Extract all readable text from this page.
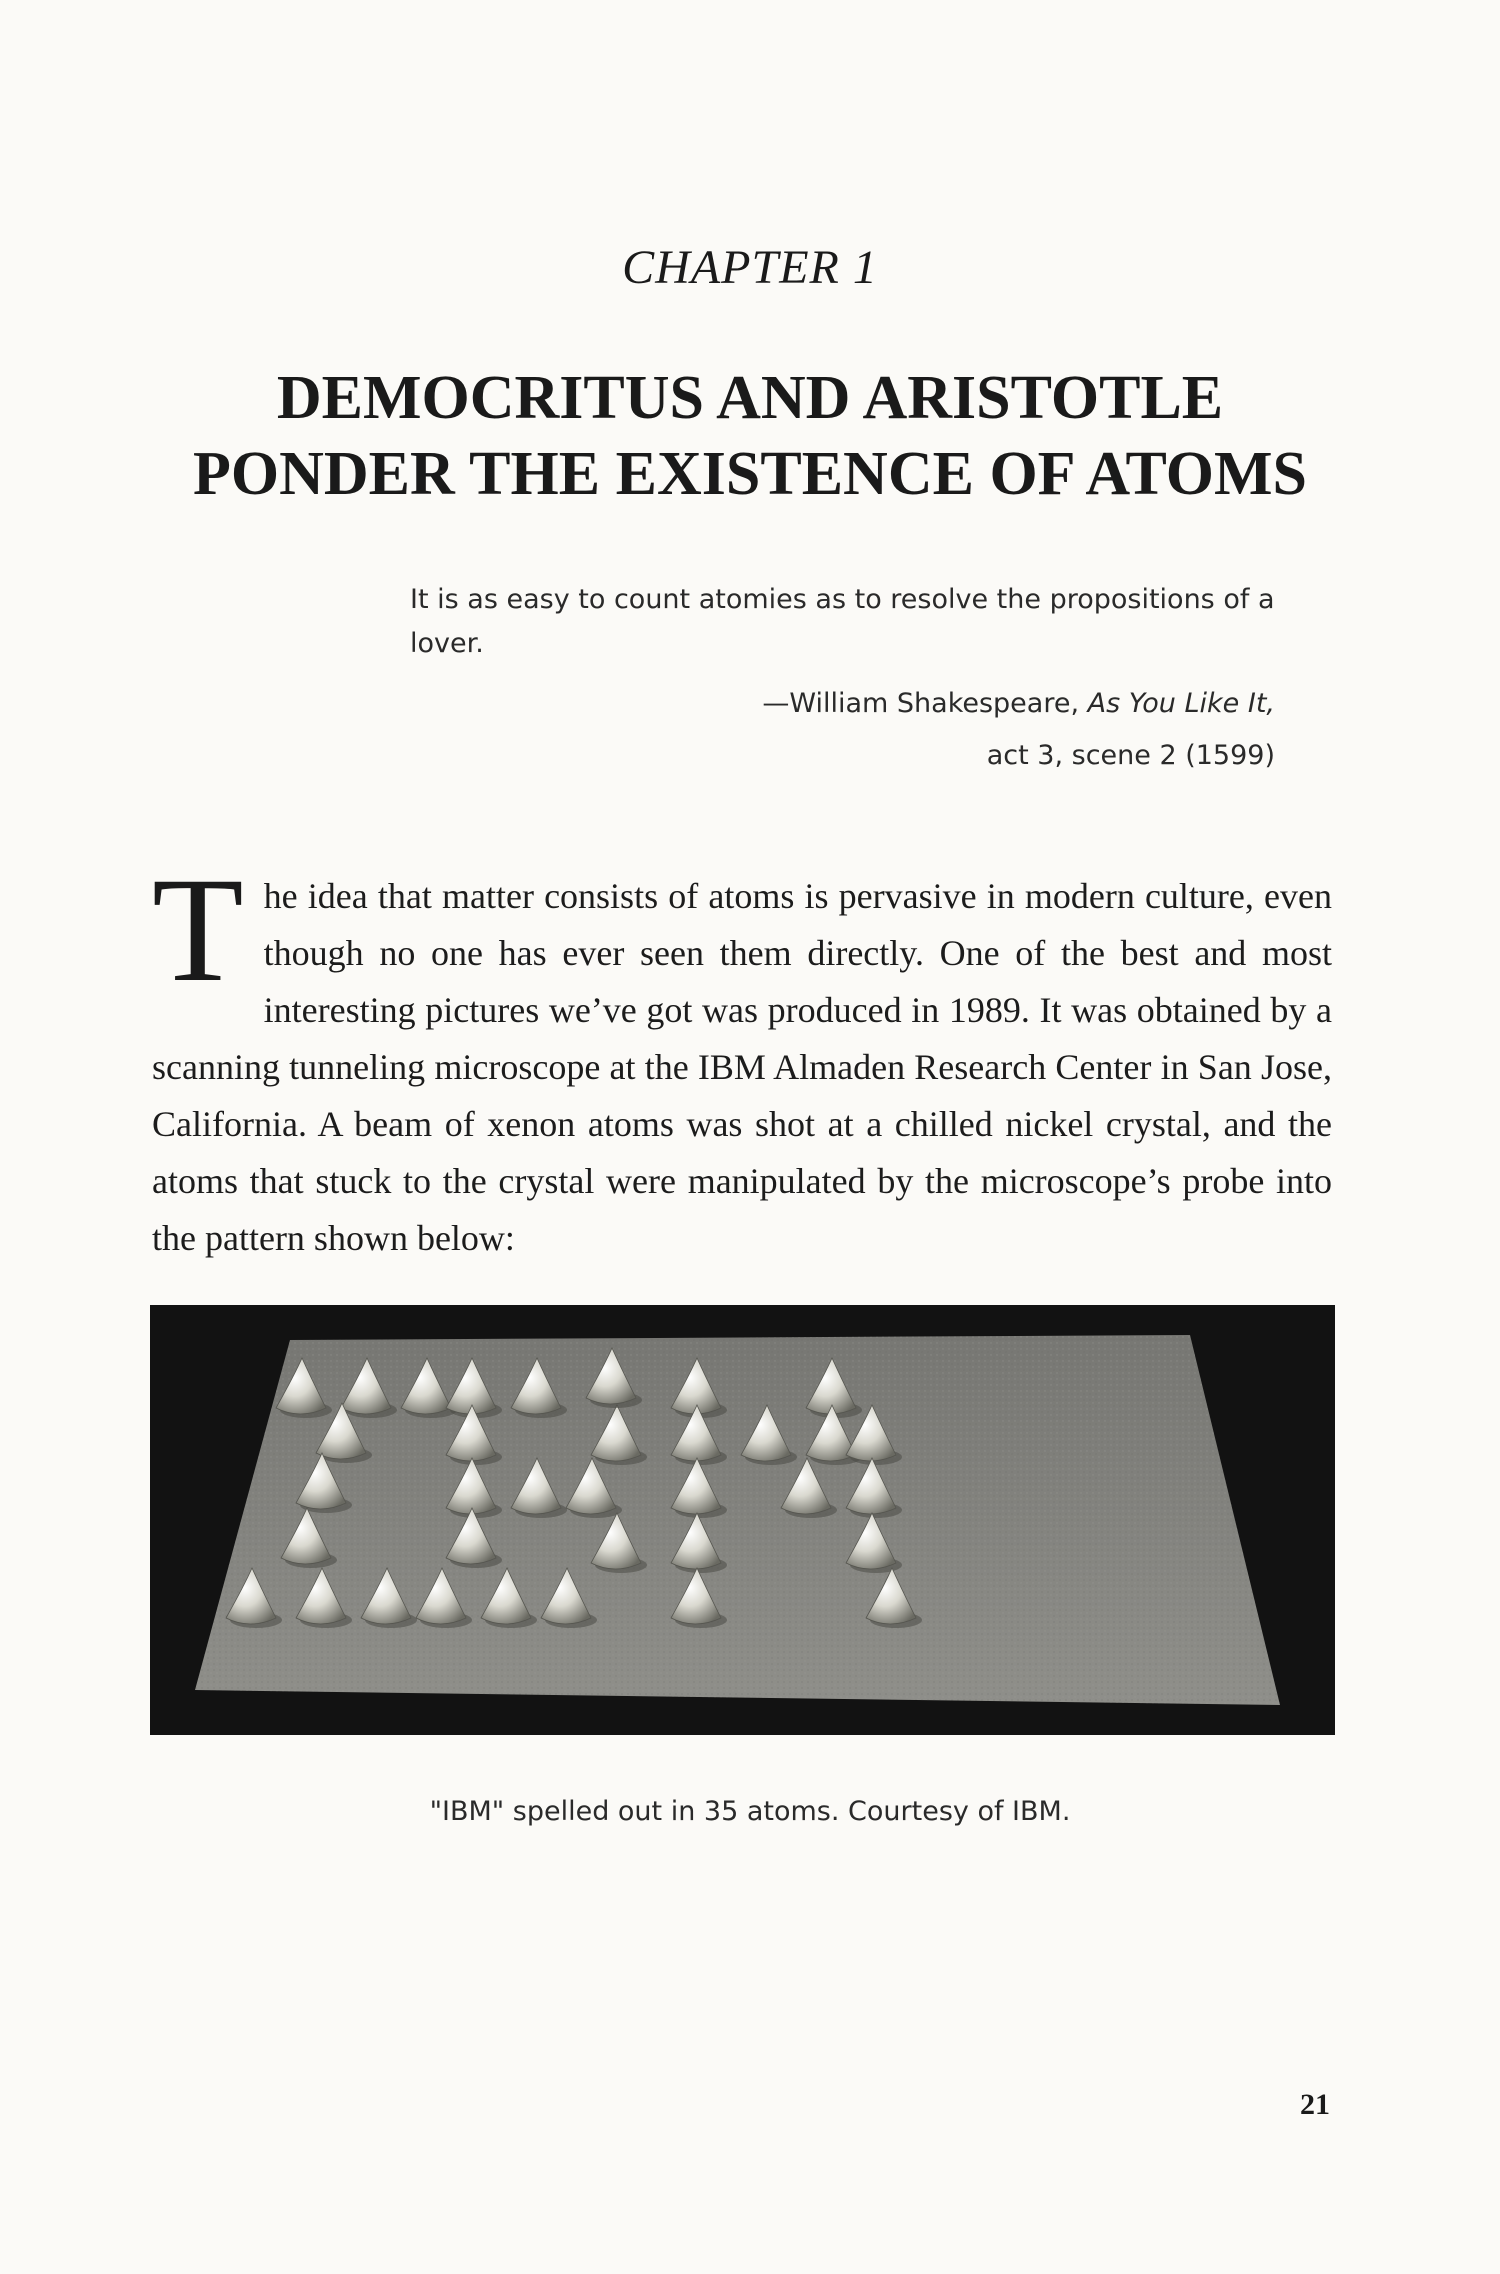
CHAPTER 1
DEMOCRITUS AND ARISTOTLE
PONDER THE EXISTENCE OF ATOMS

It is as easy to count atomies as to resolve the propositions of a lover.

—William Shakespeare, As You Like It,
act 3, scene 2 (1599)

The idea that matter consists of atoms is pervasive in modern culture, even though no one has ever seen them directly. One of the best and most interesting pictures we’ve got was produced in 1989. It was obtained by a scanning tunneling microscope at the IBM Almaden Research Center in San Jose, California. A beam of xenon atoms was shot at a chilled nickel crystal, and the atoms that stuck to the crystal were manipulated by the microscope’s probe into the pattern shown below:

"IBM" spelled out in 35 atoms. Courtesy of IBM.
21
